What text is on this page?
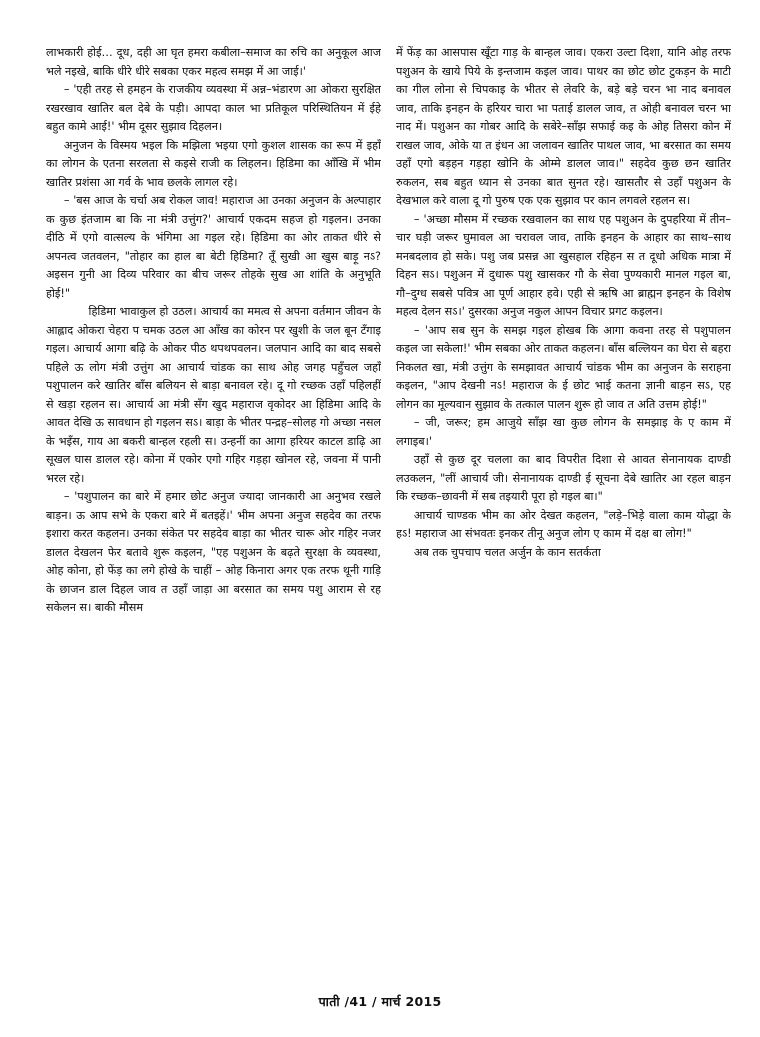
लाभकारी होई… दूध, दही आ घृत हमरा कबीला–समाज का रुचि का अनुकूल आज भले नइखे, बाकि धीरे धीरे सबका एकर महत्व समझ में आ जाई।'

– 'एही तरह से हमहन के राजकीय व्यवस्था में अन्न–भंडारण आ ओकरा सुरक्षित रखरखाव खातिर बल देबे के पड़ी। आपदा काल भा प्रतिकूल परिस्थितियन में ईहे बहुत कामे आई!' भीम दूसर सुझाव दिहलन।

अनुजन के विस्मय भइल कि मझिला भइया एगो कुशल शासक का रूप में इहाँ का लोगन के एतना सरलता से कइसे राजी क लिहलन। हिडिमा का आँखि में भीम खातिर प्रशंसा आ गर्व के भाव छलके लागल रहे।

– 'बस आज के चर्चा अब रोकल जाव! महाराज आ उनका अनुजन के अल्पाहार क कुछ इंतजाम बा कि ना मंत्री उत्तुंग?' आचार्य एकदम सहज हो गइलन। उनका दीठि में एगो वात्सल्य के भंगिमा आ गइल रहे। हिडिमा का ओर ताकत धीरे से अपनत्व जतवलन, "तोहार का हाल बा बेटी हिडिमा? तूँ सुखी आ खुस बाड़ू नऽ? अइसन गुनी आ दिव्य परिवार का बीच जरूर तोहके सुख आ शांति के अनुभूति होई!"

हिडिमा भावाकुल हो उठल। आचार्य का ममत्व से अपना वर्तमान जीवन के आह्लाद ओकरा चेहरा प चमक उठल आ आँख का कोरन पर खुशी के जल बून टँगाइ गइल। आचार्य आगा बढ़ि के ओकर पीठ थपथपवलन। जलपान आदि का बाद सबसे पहिले ऊ लोग मंत्री उत्तुंग आ आचार्य चांडक का साथ ओह जगह पहुँचल जहाँ पशुपालन करे खातिर बाँस बलियन से बाड़ा बनावल रहे। दू गो रच्छक उहाँ पहिलहीं से खड़ा रहलन स। आचार्य आ मंत्री सँग खुद महाराज वृकोदर आ हिडिमा आदि के आवत देखि ऊ सावधान हो गइलन सऽ। बाड़ा के भीतर पन्द्रह–सोलह गो अच्छा नसल के भइँस, गाय आ बकरी बान्हल रहली स। उन्हनीं का आगा हरियर काटल डाढ़ि आ सूखल घास डालल रहे। कोना में एकोर एगो गहिर गड़हा खोनल रहे, जवना में पानी भरल रहे।

– 'पशुपालन का बारे में हमार छोट अनुज ज्यादा जानकारी आ अनुभव रखले बाड़न। ऊ आप सभे के एकरा बारे में बतइहें।' भीम अपना अनुज सहदेव का तरफ इशारा करत कहलन। उनका संकेत पर सहदेव बाड़ा का भीतर चारू ओर गहिर नजर डालत देखलन फेर बतावे शुरू कइलन, "एह पशुअन के बढ़ते सुरक्षा के व्यवस्था, ओह कोना, हो फेंड़ का लगे होखे के चाहीं – ओह किनारा अगर एक तरफ थूनी गाड़ि के छाजन डाल दिहल जाव त उहाँ जाड़ा आ बरसात का समय पशु आराम से रह सकेलन स। बाकी मौसम

में फेंड़ का आसपास खूँटा गाड़ के बान्हल जाव। एकरा उल्टा दिशा, यानि ओह तरफ पशुअन के खाये पिये के इन्तजाम कइल जाव। पाथर का छोट छोट टुकड़न के माटी का गील लोना से चिपकाइ के भीतर से लेवरि के, बड़े बड़े चरन भा नाद बनावल जाव, ताकि इनहन के हरियर चारा भा पताई डालल जाव, त ओही बनावल चरन भा नाद में। पशुअन का गोबर आदि के सबेरे–साँझ सफाई कइ के ओह तिसरा कोन में राखल जाव, ओके या त इंधन आ जलावन खातिर पाथल जाव, भा बरसात का समय उहाँ एगो बड़हन गड़हा खोनि के ओम्मे डालल जाव।" सहदेव कुछ छन खातिर रुकलन, सब बहुत ध्यान से उनका बात सुनत रहे। खासतौर से उहाँ पशुअन के देखभाल करे वाला दू गो पुरुष एक एक सुझाव पर कान लगवले रहलन स।

– 'अच्छा मौसम में रच्छक रखवालन का साथ एह पशुअन के दुपहरिया में तीन–चार घड़ी जरूर घुमावल आ चरावल जाव, ताकि इनहन के आहार का साथ–साथ मनबदलाव हो सके। पशु जब प्रसन्न आ खुसहाल रहिहन स त दूधो अधिक मात्रा में दिहन सऽ। पशुअन में दुधारू पशु खासकर गौ के सेवा पुण्यकारी मानल गइल बा, गौ–दुग्ध सबसे पवित्र आ पूर्ण आहार हवे। एही से ऋषि आ ब्राह्मन इनहन के विशेष महत्व देलन सऽ।' दुसरका अनुज नकुल आपन विचार प्रगट कइलन।

– 'आप सब सुन के समझ गइल होखब कि आगा कवना तरह से पशुपालन कइल जा सकेला!' भीम सबका ओर ताकत कहलन। बाँस बल्लियन का घेरा से बहरा निकलत खा, मंत्री उत्तुंग के समझावत आचार्य चांडक भीम का अनुजन के सराहना कइलन, "आप देखनी नऽ! महाराज के ई छोट भाई कतना ज्ञानी बाड़न सऽ, एह लोगन का मूल्यवान सुझाव के तत्काल पालन शुरू हो जाव त अति उत्तम होई!"

– जी, जरूर; हम आजुये साँझ खा कुछ लोगन के समझाइ के ए काम में लगाइब।'

उहाँ से कुछ दूर चलला का बाद विपरीत दिशा से आवत सेनानायक दाण्डी लउकलन, "लीं आचार्य जी। सेनानायक दाण्डी ई सूचना देबे खातिर आ रहल बाड़न कि रच्छक–छावनी में सब तइयारी पूरा हो गइल बा।"

आचार्य चाण्डक भीम का ओर देखत कहलन, "लड़े–भिड़े वाला काम योद्धा के हऽ! महाराज आ संभवतः इनकर तीनू अनुज लोग ए काम में दक्ष बा लोग!"

अब तक चुपचाप चलत अर्जुन के कान सतर्कता

पाती /41 / मार्च 2015
